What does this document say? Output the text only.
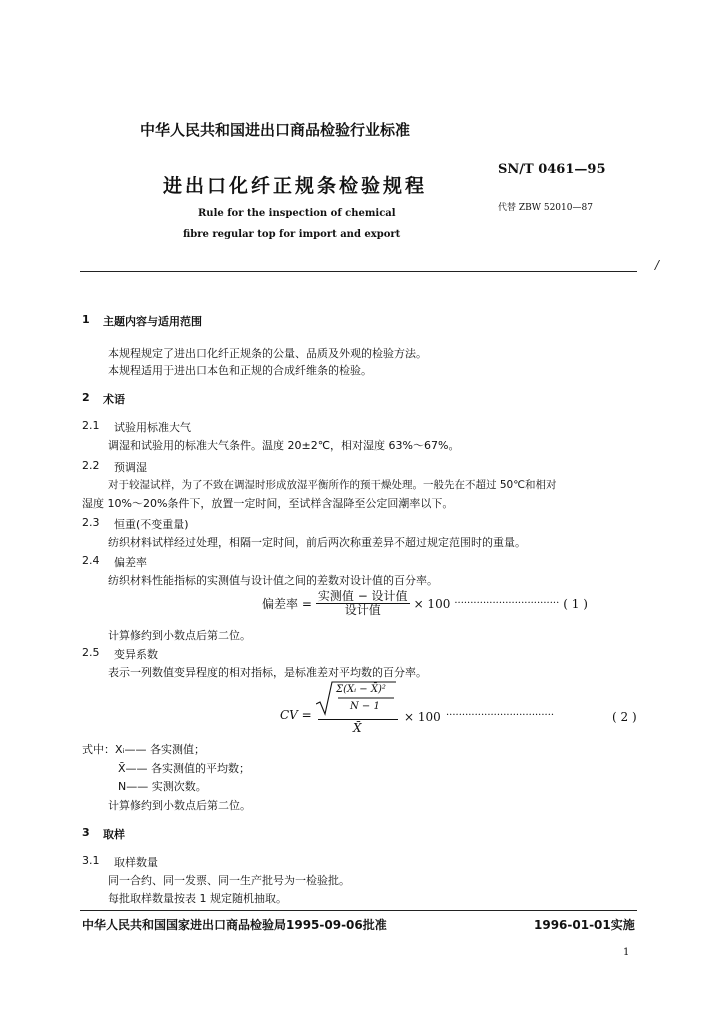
中华人民共和国进出口商品检验行业标准
进出口化纤正规条检验规程
SN/T 0461—95
代替 ZBW 52010—87
Rule for the inspection of chemical
fibre regular top for import and export
/
1 主题内容与适用范围
本规程规定了进出口化纤正规条的公量、品质及外观的检验方法。
本规程适用于进出口本色和正规的合成纤维条的检验。
2 术语
2.1 试验用标准大气
调湿和试验用的标准大气条件。温度 20±2℃，相对湿度 63%～67%。
2.2 预调湿
对于较湿试样，为了不致在调湿时形成放湿平衡所作的预干燥处理。一般先在不超过 50℃和相对
湿度 10%～20%条件下，放置一定时间，至试样含湿降至公定回潮率以下。
2.3 恒重(不变重量)
纺织材料试样经过处理，相隔一定时间，前后两次称重差异不超过规定范围时的重量。
2.4 偏差率
纺织材料性能指标的实测值与设计值之间的差数对设计值的百分率。
偏差率 = $\frac{\text{实测值 − 设计值}}{\text{设计值}} \times 100$ ································· ( 1 )
计算修约到小数点后第二位。
2.5 变异系数
表示一列数值变异程度的相对指标，是标准差对平均数的百分率。
CV =
Σ(Xᵢ − X̄)²
N − 1
X̄
× 100 ··································	( 2 )
式中：Xᵢ—— 各实测值；
X̄—— 各实测值的平均数；
N—— 实测次数。
计算修约到小数点后第二位。
3 取样
3.1 取样数量
同一合约、同一发票、同一生产批号为一检验批。
每批取样数量按表 1 规定随机抽取。
中华人民共和国国家进出口商品检验局1995-09-06批准	1996-01-01实施
1
